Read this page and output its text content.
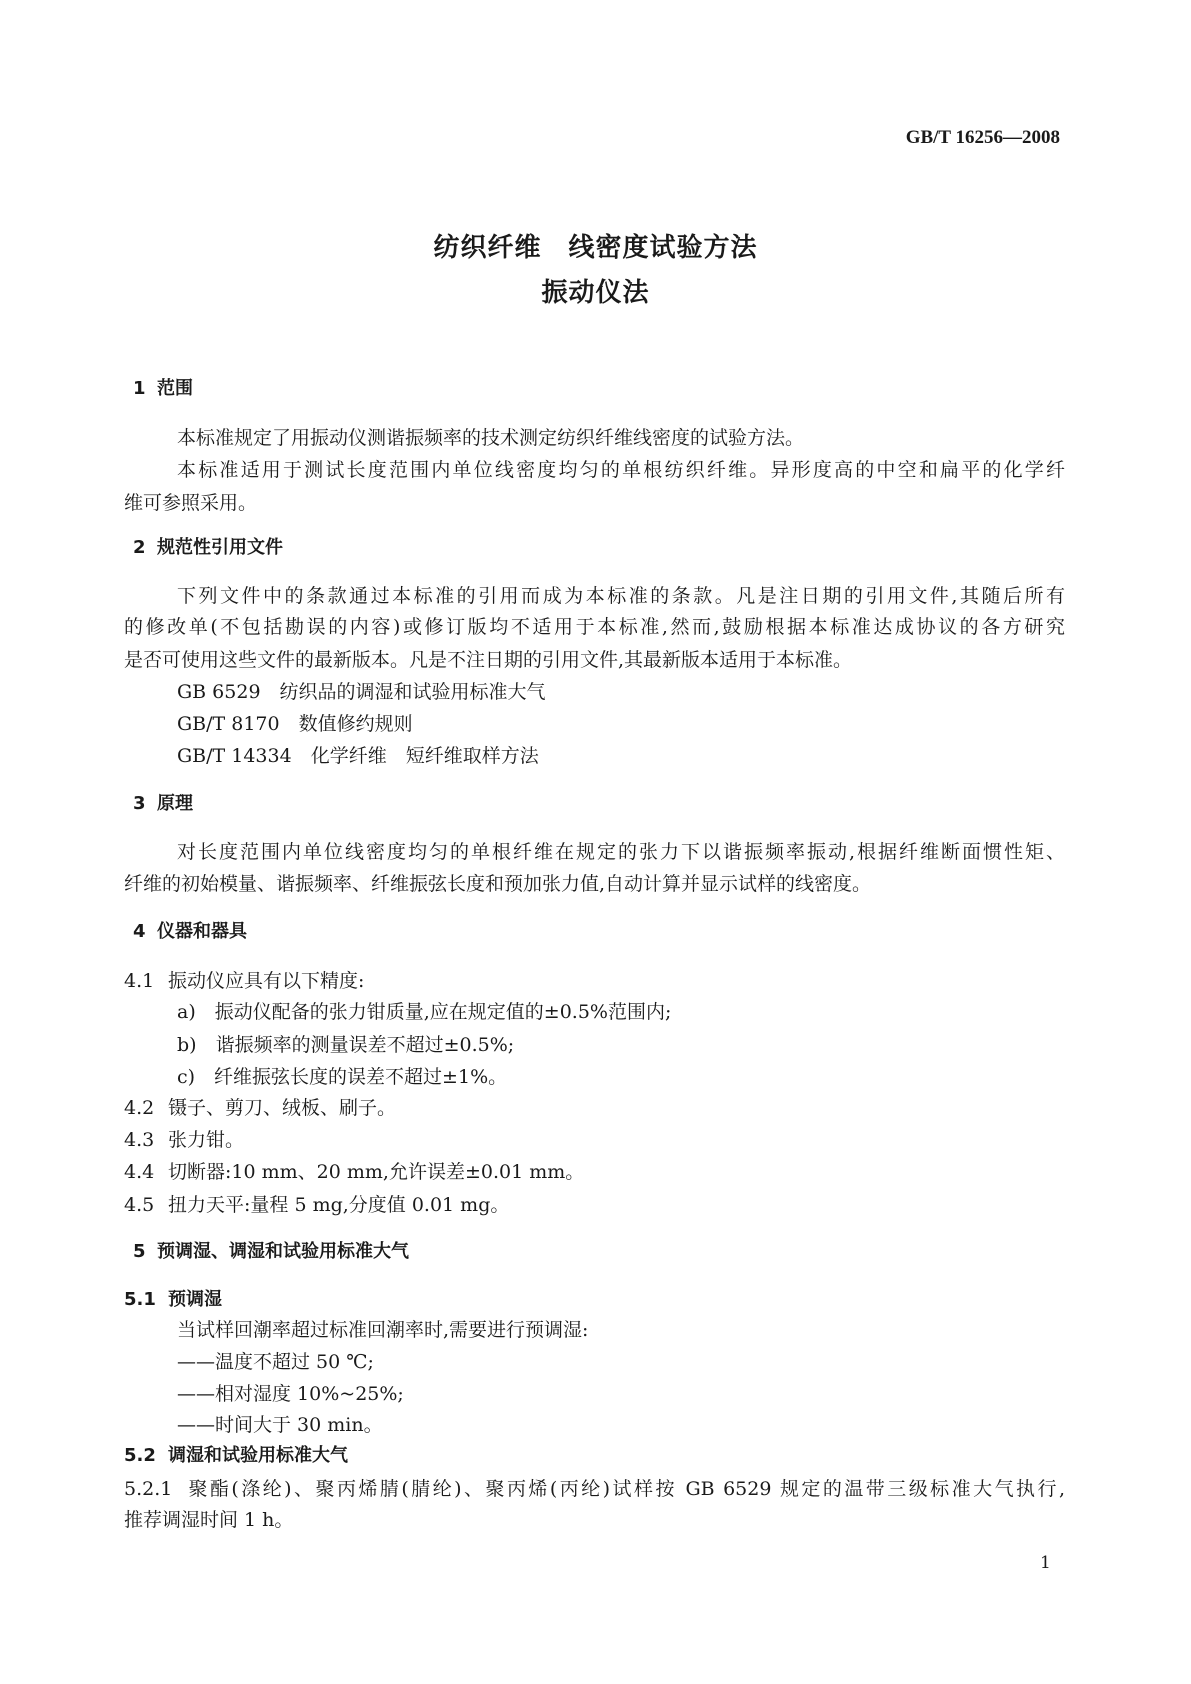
GB/T 16256—2008
纺织纤维　线密度试验方法
振动仪法
1 范围
本标准规定了用振动仪测谐振频率的技术测定纺织纤维线密度的试验方法。
本标准适用于测试长度范围内单位线密度均匀的单根纺织纤维。异形度高的中空和扁平的化学纤
维可参照采用。
2 规范性引用文件
下列文件中的条款通过本标准的引用而成为本标准的条款。凡是注日期的引用文件,其随后所有
的修改单(不包括勘误的内容)或修订版均不适用于本标准,然而,鼓励根据本标准达成协议的各方研究
是否可使用这些文件的最新版本。凡是不注日期的引用文件,其最新版本适用于本标准。
GB 6529　纺织品的调湿和试验用标准大气
GB/T 8170　数值修约规则
GB/T 14334　化学纤维　短纤维取样方法
3 原理
对长度范围内单位线密度均匀的单根纤维在规定的张力下以谐振频率振动,根据纤维断面惯性矩、
纤维的初始模量、谐振频率、纤维振弦长度和预加张力值,自动计算并显示试样的线密度。
4 仪器和器具
4.1 振动仪应具有以下精度:
a)　振动仪配备的张力钳质量,应在规定值的±0.5%范围内;
b)　谐振频率的测量误差不超过±0.5%;
c)　纤维振弦长度的误差不超过±1%。
4.2 镊子、剪刀、绒板、刷子。
4.3 张力钳。
4.4 切断器:10 mm、20 mm,允许误差±0.01 mm。
4.5 扭力天平:量程 5 mg,分度值 0.01 mg。
5 预调湿、调湿和试验用标准大气
5.1 预调湿
当试样回潮率超过标准回潮率时,需要进行预调湿:
——温度不超过 50 ℃;
——相对湿度 10%~25%;
——时间大于 30 min。
5.2 调湿和试验用标准大气
5.2.1 聚酯(涤纶)、聚丙烯腈(腈纶)、聚丙烯(丙纶)试样按 GB 6529 规定的温带三级标准大气执行,
推荐调湿时间 1 h。
1
